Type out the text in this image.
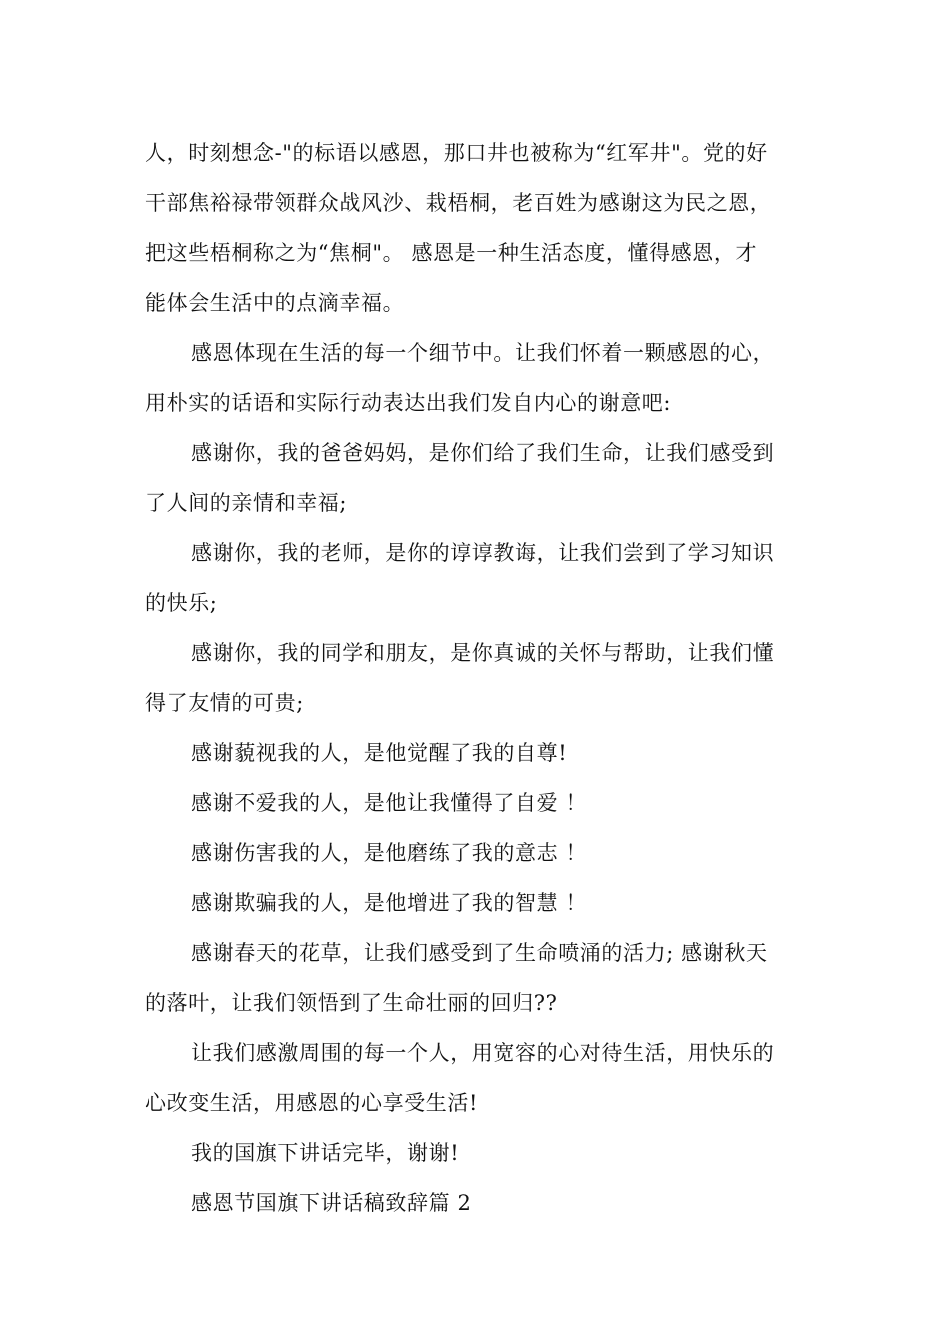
人，时刻想念-"的标语以感恩，那口井也被称为“红军井"。党的好
干部焦裕禄带领群众战风沙、栽梧桐，老百姓为感谢这为民之恩，
把这些梧桐称之为“焦桐"。 感恩是一种生活态度，懂得感恩，才
能体会生活中的点滴幸福。
感恩体现在生活的每一个细节中。让我们怀着一颗感恩的心，
用朴实的话语和实际行动表达出我们发自内心的谢意吧:
感谢你，我的爸爸妈妈，是你们给了我们生命，让我们感受到
了人间的亲情和幸福;
感谢你，我的老师，是你的谆谆教诲，让我们尝到了学习知识
的快乐;
感谢你，我的同学和朋友，是你真诚的关怀与帮助，让我们懂
得了友情的可贵;
感谢藐视我的人，是他觉醒了我的自尊!
感谢不爱我的人，是他让我懂得了自爱 ！
感谢伤害我的人，是他磨练了我的意志 ！
感谢欺骗我的人，是他增进了我的智慧 ！
感谢春天的花草，让我们感受到了生命喷涌的活力; 感谢秋天
的落叶，让我们领悟到了生命壮丽的回归??
让我们感激周围的每一个人，用宽容的心对待生活，用快乐的
心改变生活，用感恩的心享受生活!
我的国旗下讲话完毕，谢谢!
感恩节国旗下讲话稿致辞篇 2
